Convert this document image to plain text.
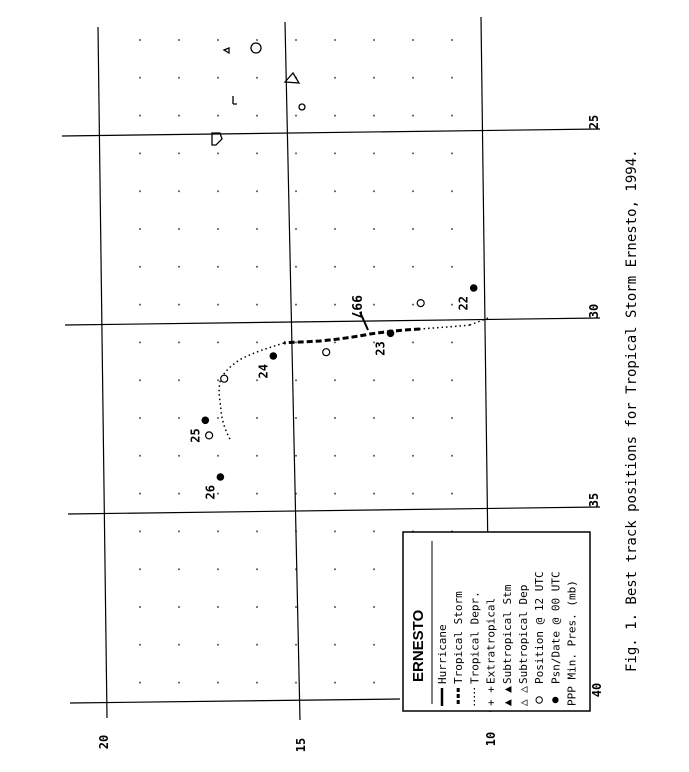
997	22
23
24
25
26
20	15	10
25
30
35
40
ERNESTO Hurricane Tropical Storm Tropical Depr.
+ +
Extratropical
▲ ▲
Subtropical Stm
△ △
Subtropical Dep Position @ 12 UTC Psn/Date @ 00 UTC PPP Min. Pres. (mb)	Fig. 1. Best track positions for Tropical Storm Ernesto, 1994.
